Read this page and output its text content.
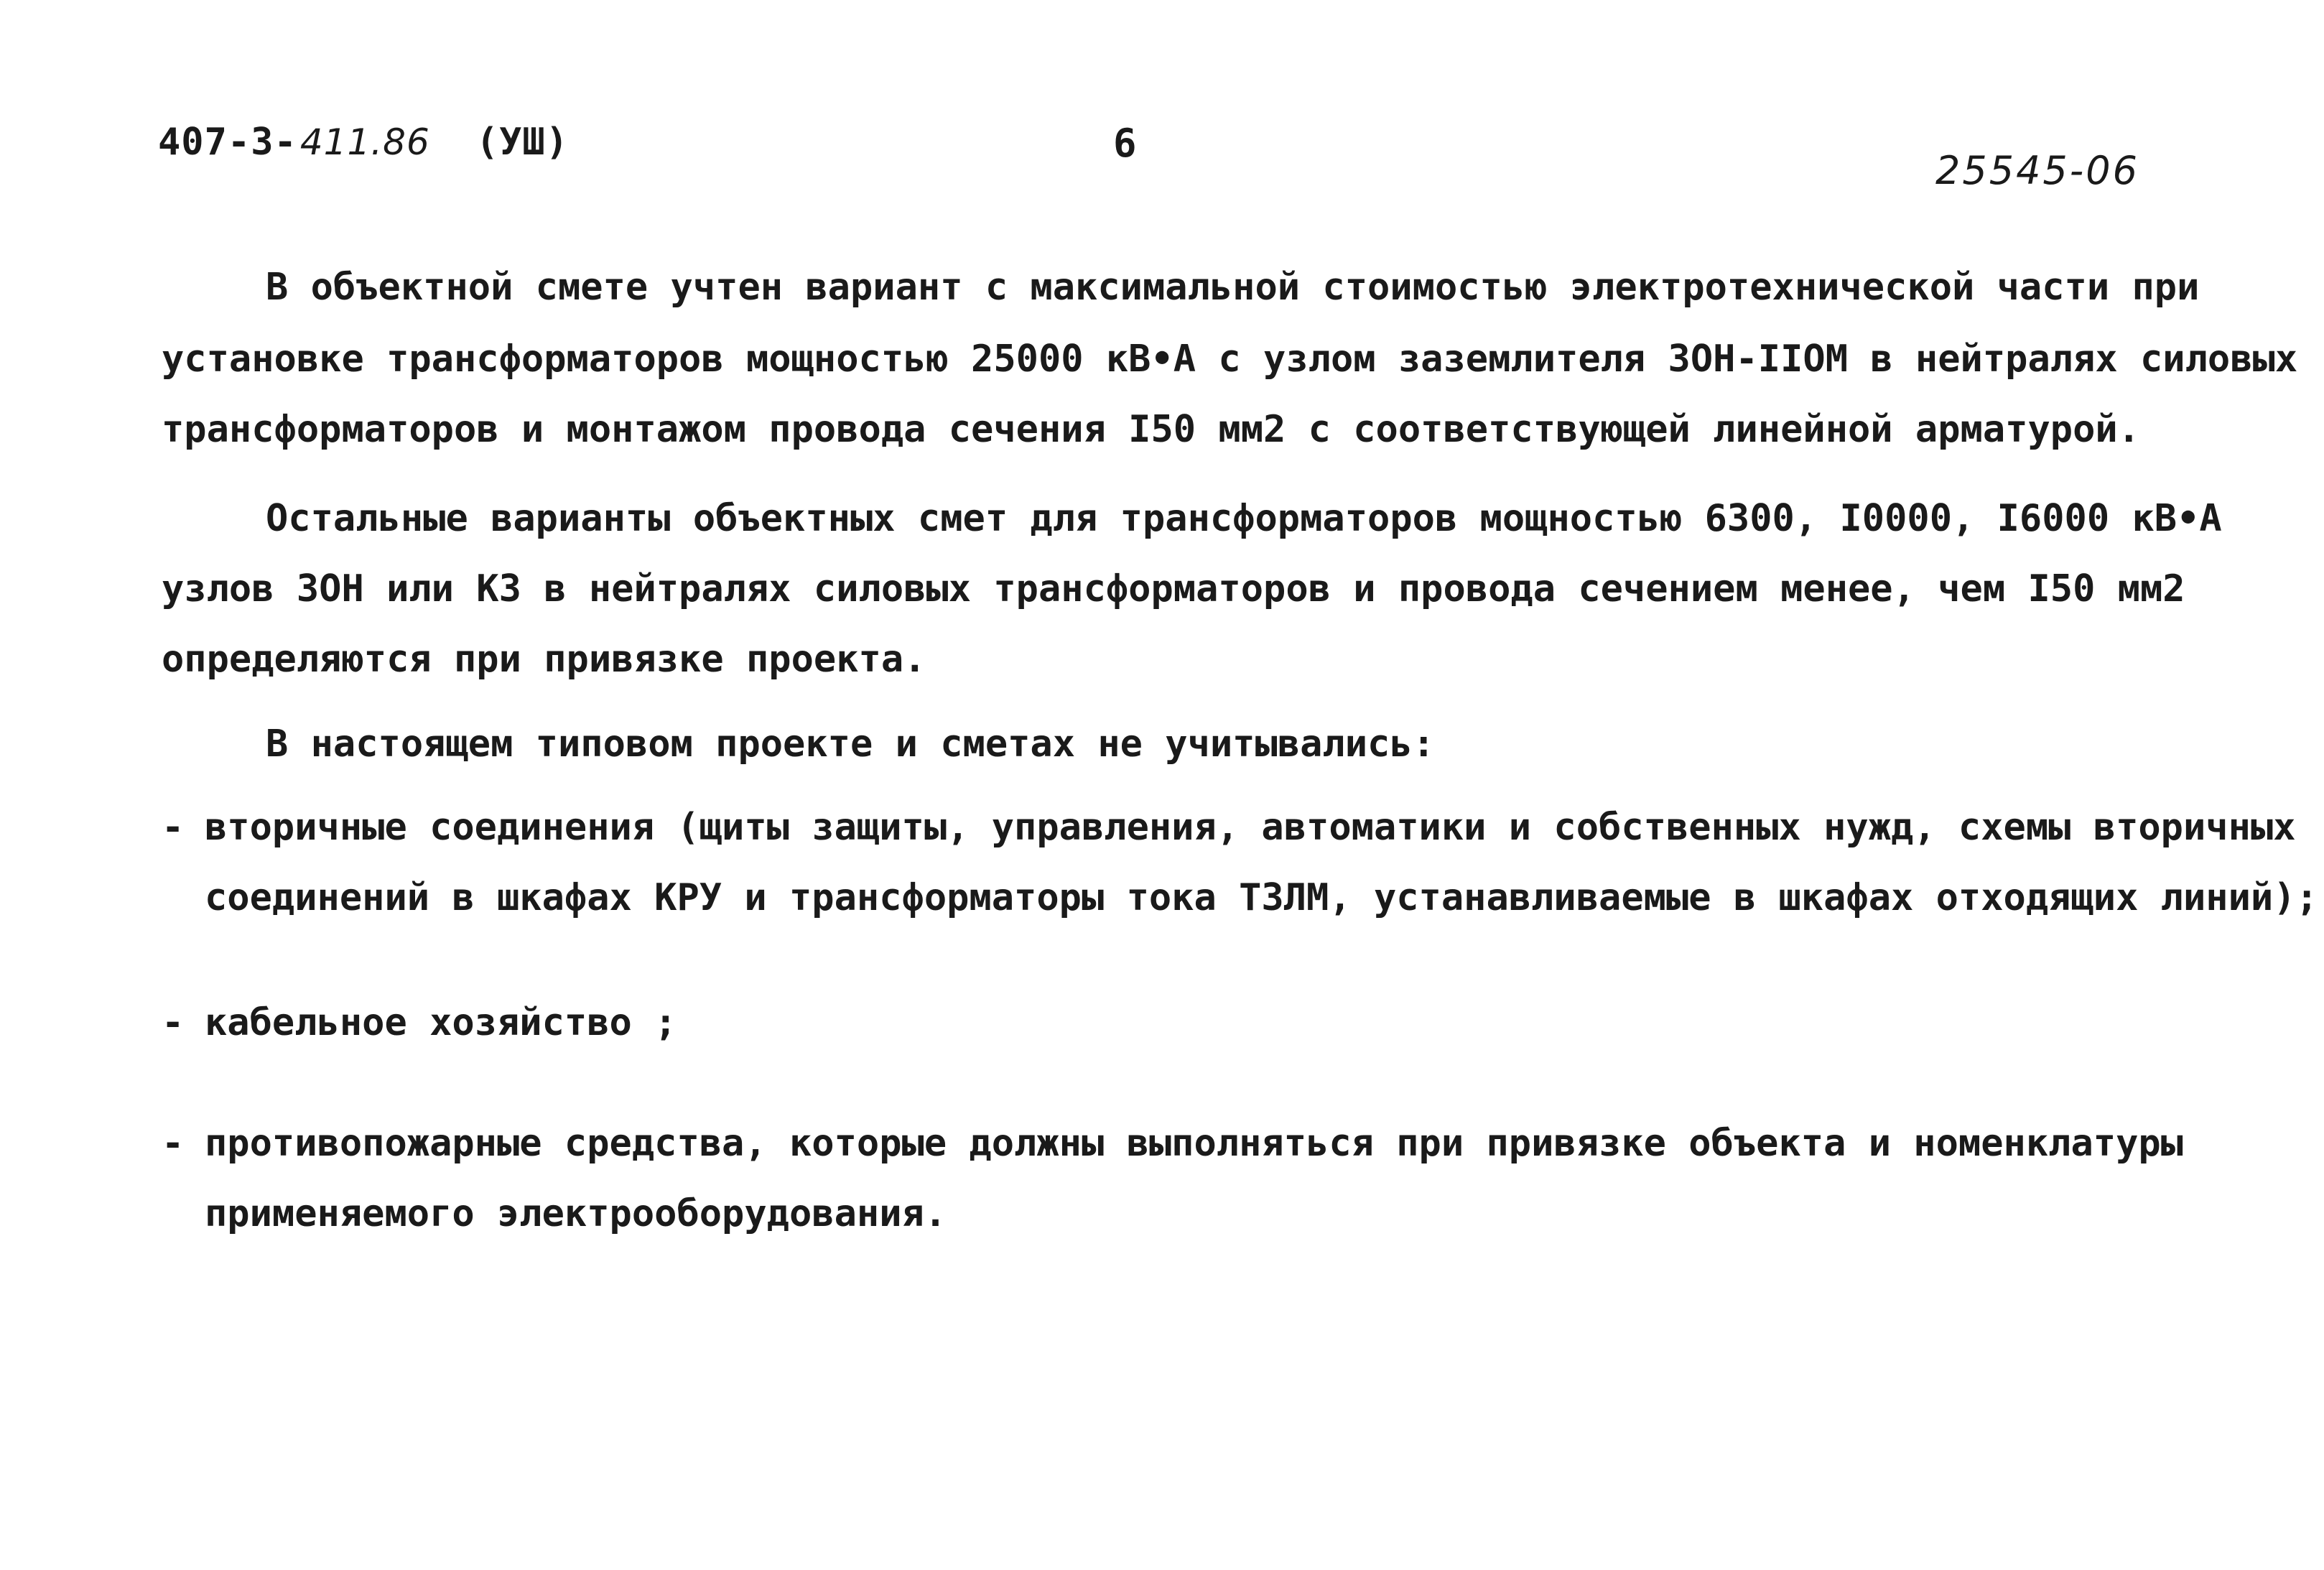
407-3-411.86 (УШ)	6
25545-06
В объектной смете учтен вариант с максимальной стоимостью электротехнической части при
установке трансформаторов мощностью 25000 кВ•А с узлом заземлителя ЗОН-IIОМ в нейтралях силовых
трансформаторов и монтажом провода сечения I50 мм2 с соответствующей линейной арматурой.
Остальные варианты объектных смет для трансформаторов мощностью 6300, I0000, I6000 кВ•А
узлов ЗОН или КЗ в нейтралях силовых трансформаторов и провода сечением менее, чем I50 мм2
определяются при привязке проекта.
В настоящем типовом проекте и сметах не учитывались:
- вторичные соединения (щиты защиты, управления, автоматики и собственных нужд, схемы вторичных
соединений в шкафах КРУ и трансформаторы тока ТЗЛМ, устанавливаемые в шкафах отходящих линий);
- кабельное хозяйство ;
- противопожарные средства, которые должны выполняться при привязке объекта и номенклатуры
применяемого электрооборудования.
